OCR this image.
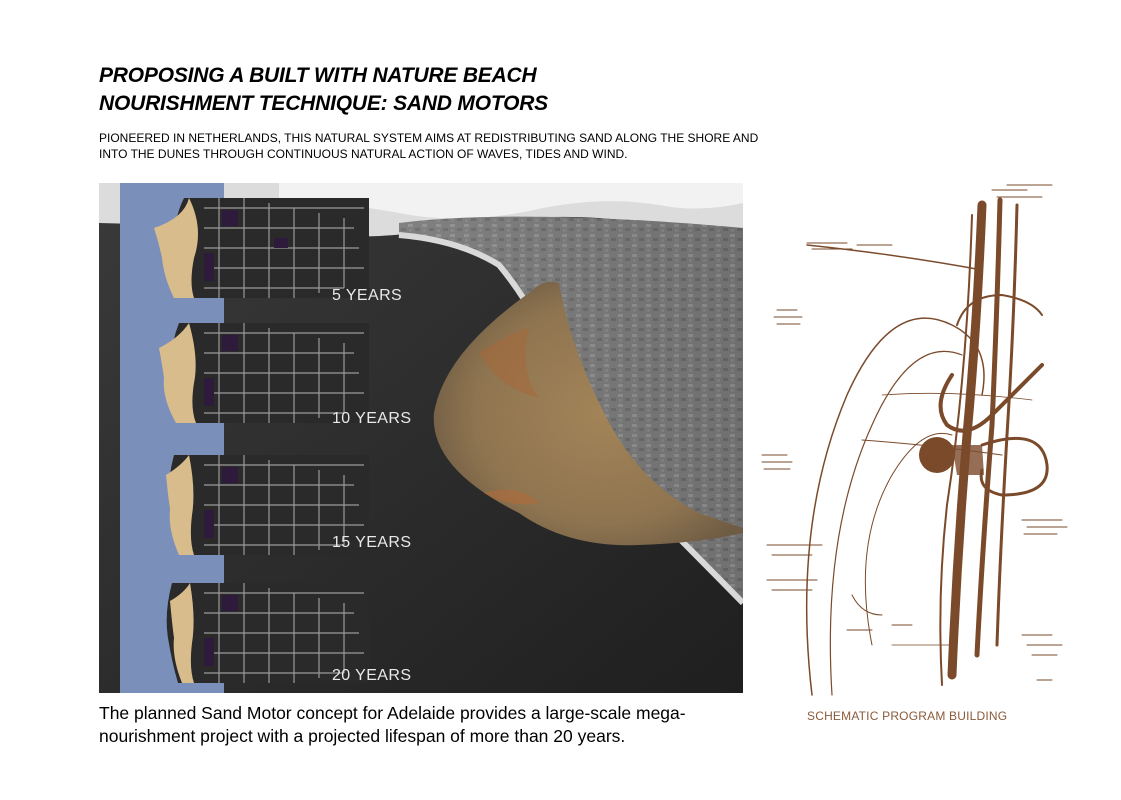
PROPOSING A BUILT WITH NATURE BEACH
NOURISHMENT TECHNIQUE: SAND MOTORS

PIONEERED IN NETHERLANDS, THIS NATURAL SYSTEM AIMS AT REDISTRIBUTING SAND ALONG THE SHORE AND
INTO THE DUNES THROUGH CONTINUOUS NATURAL ACTION OF WAVES, TIDES AND WIND.

5 YEARS
10 YEARS
15 YEARS
20 YEARS

The planned Sand Motor concept for Adelaide provides a large-scale mega-
nourishment project with a projected lifespan of more than 20 years.

SCHEMATIC PROGRAM BUILDING
